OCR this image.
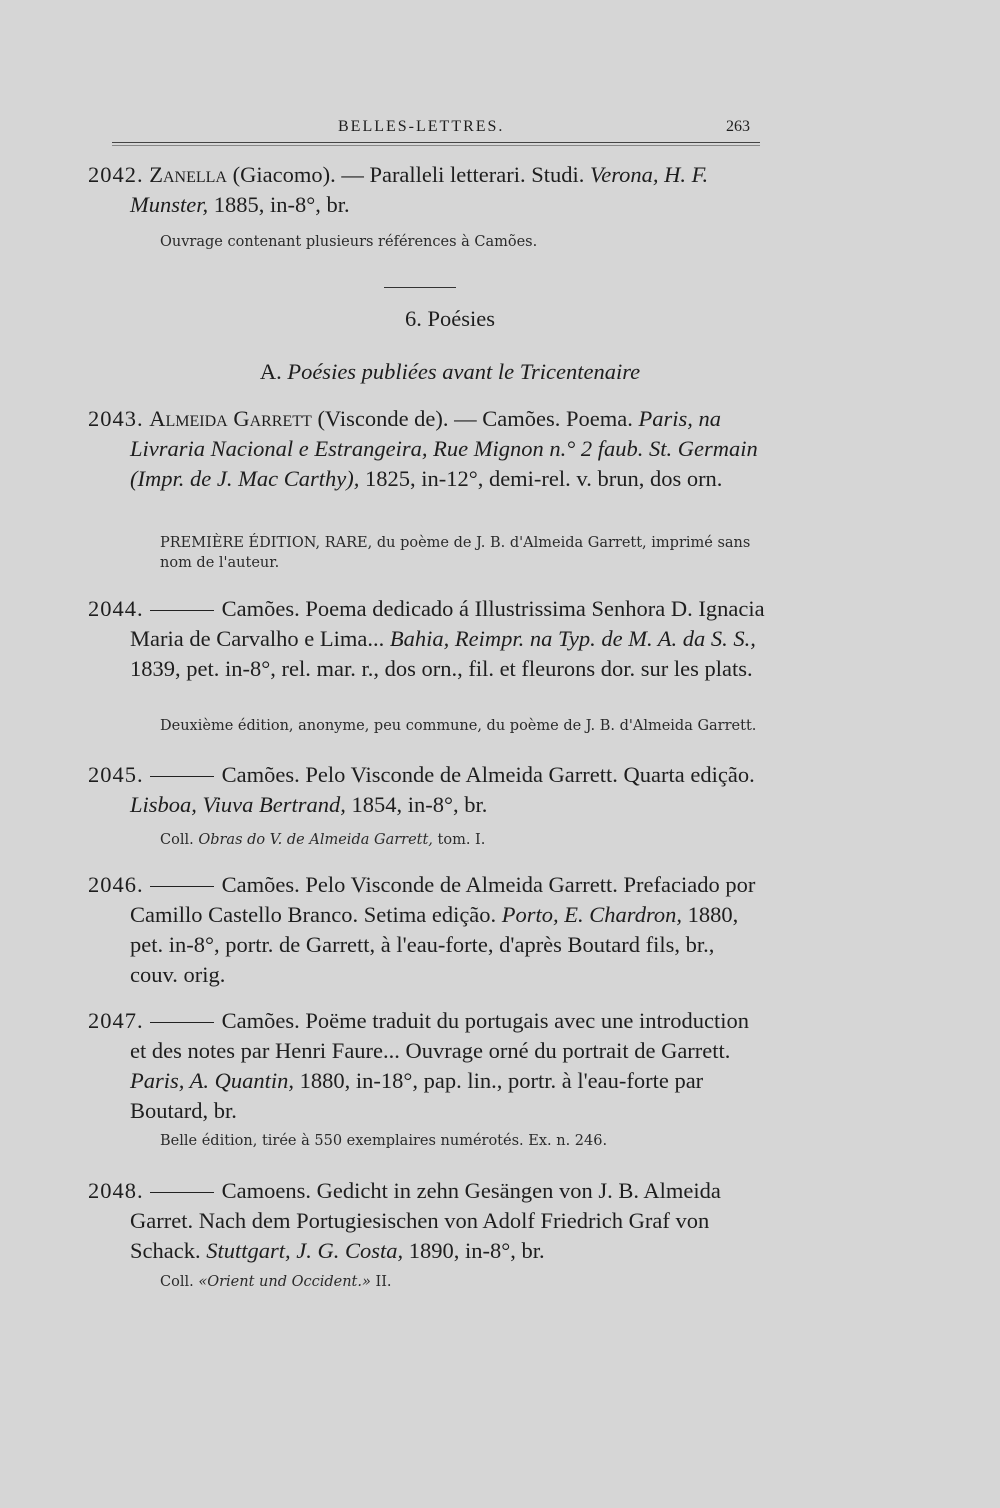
BELLES-LETTRES.	263
2042. Zanella (Giacomo). — Paralleli letterari. Studi. Verona, H. F. Munster, 1885, in-8°, br.
Ouvrage contenant plusieurs références à Camões.
6. Poésies
A. Poésies publiées avant le Tricentenaire
2043. Almeida Garrett (Visconde de). — Camões. Poema. Paris, na Livraria Nacional e Estrangeira, Rue Mignon n.° 2 faub. St. Germain (Impr. de J. Mac Carthy), 1825, in-12°, demi-rel. v. brun, dos orn.
PREMIÈRE ÉDITION, RARE, du poème de J. B. d'Almeida Garrett, imprimé sans nom de l'auteur.
2044.	Camões. Poema dedicado á Illustrissima Senhora D. Ignacia Maria de Carvalho e Lima... Bahia, Reimpr. na Typ. de M. A. da S. S., 1839, pet. in-8°, rel. mar. r., dos orn., fil. et fleurons dor. sur les plats.
Deuxième édition, anonyme, peu commune, du poème de J. B. d'Almeida Garrett.
2045.	Camões. Pelo Visconde de Almeida Garrett. Quarta edição. Lisboa, Viuva Bertrand, 1854, in-8°, br.
Coll. Obras do V. de Almeida Garrett, tom. I.
2046.	Camões. Pelo Visconde de Almeida Garrett. Prefaciado por Camillo Castello Branco. Setima edição. Porto, E. Chardron, 1880, pet. in-8°, portr. de Garrett, à l'eau-forte, d'après Boutard fils, br., couv. orig.
2047.	Camões. Poëme traduit du portugais avec une introduction et des notes par Henri Faure... Ouvrage orné du portrait de Garrett. Paris, A. Quantin, 1880, in-18°, pap. lin., portr. à l'eau-forte par Boutard, br.
Belle édition, tirée à 550 exemplaires numérotés. Ex. n. 246.
2048.	Camoens. Gedicht in zehn Gesängen von J. B. Almeida Garret. Nach dem Portugiesischen von Adolf Friedrich Graf von Schack. Stuttgart, J. G. Costa, 1890, in-8°, br.
Coll. «Orient und Occident.» II.
